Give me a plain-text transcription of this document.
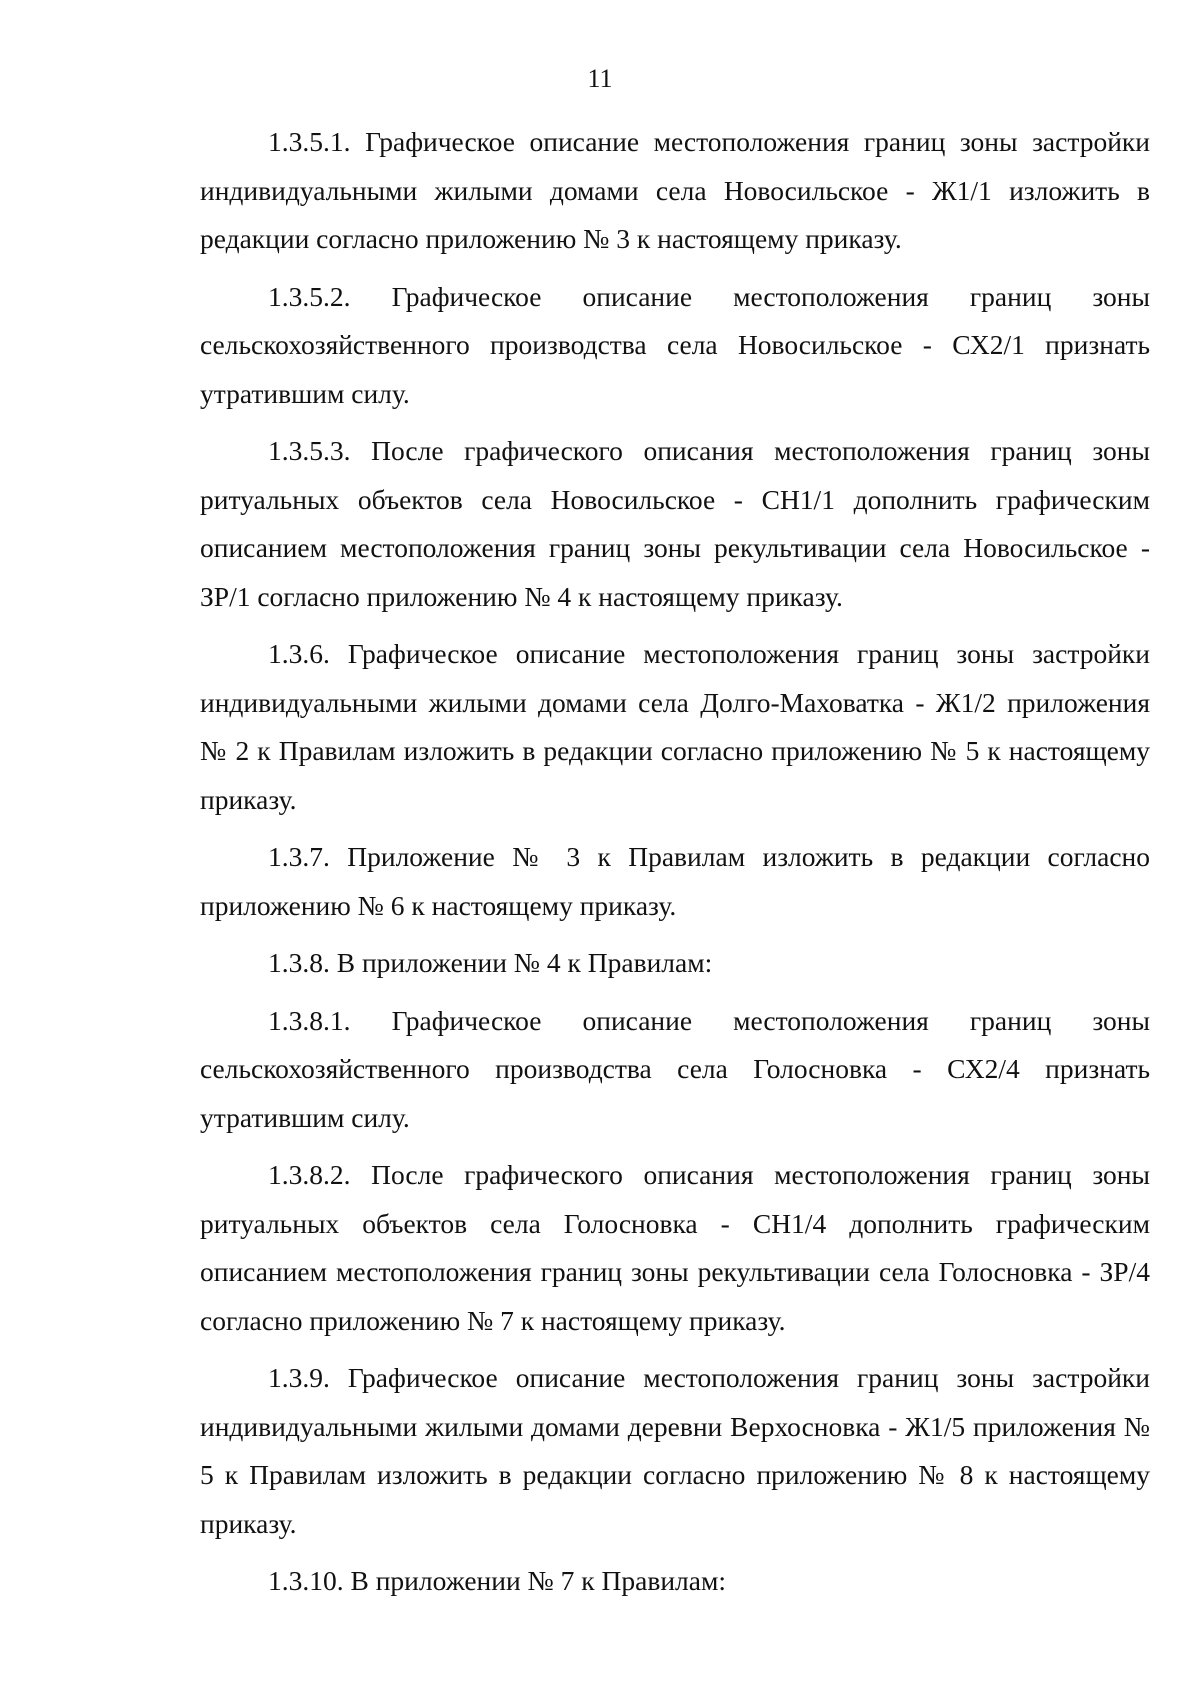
11

1.3.5.1. Графическое описание местоположения границ зоны застройки индивидуальными жилыми домами села Новосильское - Ж1/1 изложить в редакции согласно приложению № 3 к настоящему приказу.

1.3.5.2. Графическое описание местоположения границ зоны сельскохозяйственного производства села Новосильское - СХ2/1 признать утратившим силу.

1.3.5.3. После графического описания местоположения границ зоны ритуальных объектов села Новосильское - СН1/1 дополнить графическим описанием местоположения границ зоны рекультивации села Новосильское - ЗР/1 согласно приложению № 4 к настоящему приказу.

1.3.6. Графическое описание местоположения границ зоны застройки индивидуальными жилыми домами села Долго-Маховатка - Ж1/2 приложения № 2 к Правилам изложить в редакции согласно приложению № 5 к настоящему приказу.

1.3.7. Приложение № 3 к Правилам изложить в редакции согласно приложению № 6 к настоящему приказу.

1.3.8. В приложении № 4 к Правилам:

1.3.8.1. Графическое описание местоположения границ зоны сельскохозяйственного производства села Голосновка - СХ2/4 признать утратившим силу.

1.3.8.2. После графического описания местоположения границ зоны ритуальных объектов села Голосновка - СН1/4 дополнить графическим описанием местоположения границ зоны рекультивации села Голосновка - ЗР/4 согласно приложению № 7 к настоящему приказу.

1.3.9. Графическое описание местоположения границ зоны застройки индивидуальными жилыми домами деревни Верхосновка - Ж1/5 приложения № 5 к Правилам изложить в редакции согласно приложению № 8 к настоящему приказу.

1.3.10. В приложении № 7 к Правилам:
